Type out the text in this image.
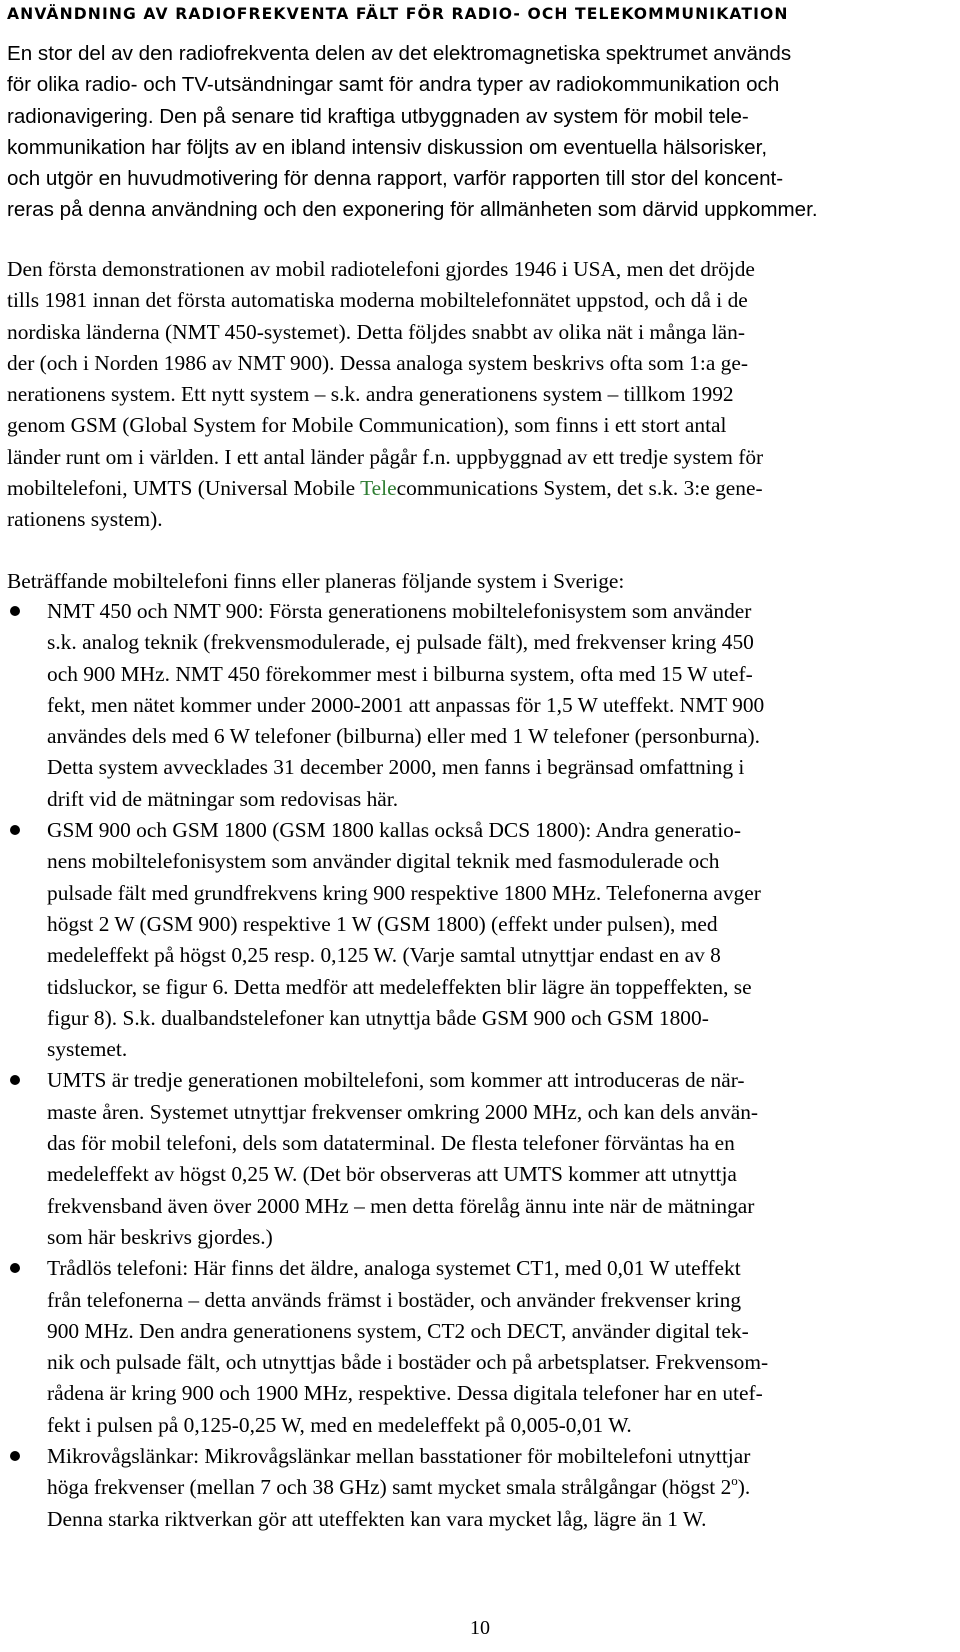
ANVÄNDNING AV RADIOFREKVENTA FÄLT FÖR RADIO- OCH TELEKOMMUNIKATION
En stor del av den radiofrekventa delen av det elektromagnetiska spektrumet används
för olika radio- och TV-utsändningar samt för andra typer av radiokommunikation och
radionavigering. Den på senare tid kraftiga utbyggnaden av system för mobil tele-
kommunikation har följts av en ibland intensiv diskussion om eventuella hälsorisker,
och utgör en huvudmotivering för denna rapport, varför rapporten till stor del koncent-
reras på denna användning och den exponering för allmänheten som därvid uppkommer.
Den första demonstrationen av mobil radiotelefoni gjordes 1946 i USA, men det dröjde
tills 1981 innan det första automatiska moderna mobiltelefonnätet uppstod, och då i de
nordiska länderna (NMT 450-systemet). Detta följdes snabbt av olika nät i många län-
der (och i Norden 1986 av NMT 900). Dessa analoga system beskrivs ofta som 1:a ge-
nerationens system. Ett nytt system – s.k. andra generationens system – tillkom 1992
genom GSM (Global System for Mobile Communication), som finns i ett stort antal
länder runt om i världen. I ett antal länder pågår f.n. uppbyggnad av ett tredje system för
mobiltelefoni, UMTS (Universal Mobile Telecommunications System, det s.k. 3:e gene-
rationens system).
Beträffande mobiltelefoni finns eller planeras följande system i Sverige:
NMT 450 och NMT 900: Första generationens mobiltelefonisystem som använder
s.k. analog teknik (frekvensmodulerade, ej pulsade fält), med frekvenser kring 450
och 900 MHz. NMT 450 förekommer mest i bilburna system, ofta med 15 W utef-
fekt, men nätet kommer under 2000-2001 att anpassas för 1,5 W uteffekt. NMT 900
användes dels med 6 W telefoner (bilburna) eller med 1 W telefoner (personburna).
Detta system avvecklades 31 december 2000, men fanns i begränsad omfattning i
drift vid de mätningar som redovisas här.
GSM 900 och GSM 1800 (GSM 1800 kallas också DCS 1800): Andra generatio-
nens mobiltelefonisystem som använder digital teknik med fasmodulerade och
pulsade fält med grundfrekvens kring 900 respektive 1800 MHz. Telefonerna avger
högst 2 W (GSM 900) respektive 1 W (GSM 1800) (effekt under pulsen), med
medeleffekt på högst 0,25 resp. 0,125 W. (Varje samtal utnyttjar endast en av 8
tidsluckor, se figur 6. Detta medför att medeleffekten blir lägre än toppeffekten, se
figur 8). S.k. dualbandstelefoner kan utnyttja både GSM 900 och GSM 1800-
systemet.
UMTS är tredje generationen mobiltelefoni, som kommer att introduceras de när-
maste åren. Systemet utnyttjar frekvenser omkring 2000 MHz, och kan dels använ-
das för mobil telefoni, dels som dataterminal. De flesta telefoner förväntas ha en
medeleffekt av högst 0,25 W. (Det bör observeras att UMTS kommer att utnyttja
frekvensband även över 2000 MHz – men detta förelåg ännu inte när de mätningar
som här beskrivs gjordes.)
Trådlös telefoni: Här finns det äldre, analoga systemet CT1, med 0,01 W uteffekt
från telefonerna – detta används främst i bostäder, och använder frekvenser kring
900 MHz. Den andra generationens system, CT2 och DECT, använder digital tek-
nik och pulsade fält, och utnyttjas både i bostäder och på arbetsplatser. Frekvensom-
rådena är kring 900 och 1900 MHz, respektive. Dessa digitala telefoner har en utef-
fekt i pulsen på 0,125-0,25 W, med en medeleffekt på 0,005-0,01 W.
Mikrovågslänkar: Mikrovågslänkar mellan basstationer för mobiltelefoni utnyttjar
höga frekvenser (mellan 7 och 38 GHz) samt mycket smala strålgångar (högst 2$^o$).
Denna starka riktverkan gör att uteffekten kan vara mycket låg, lägre än 1 W.
10
